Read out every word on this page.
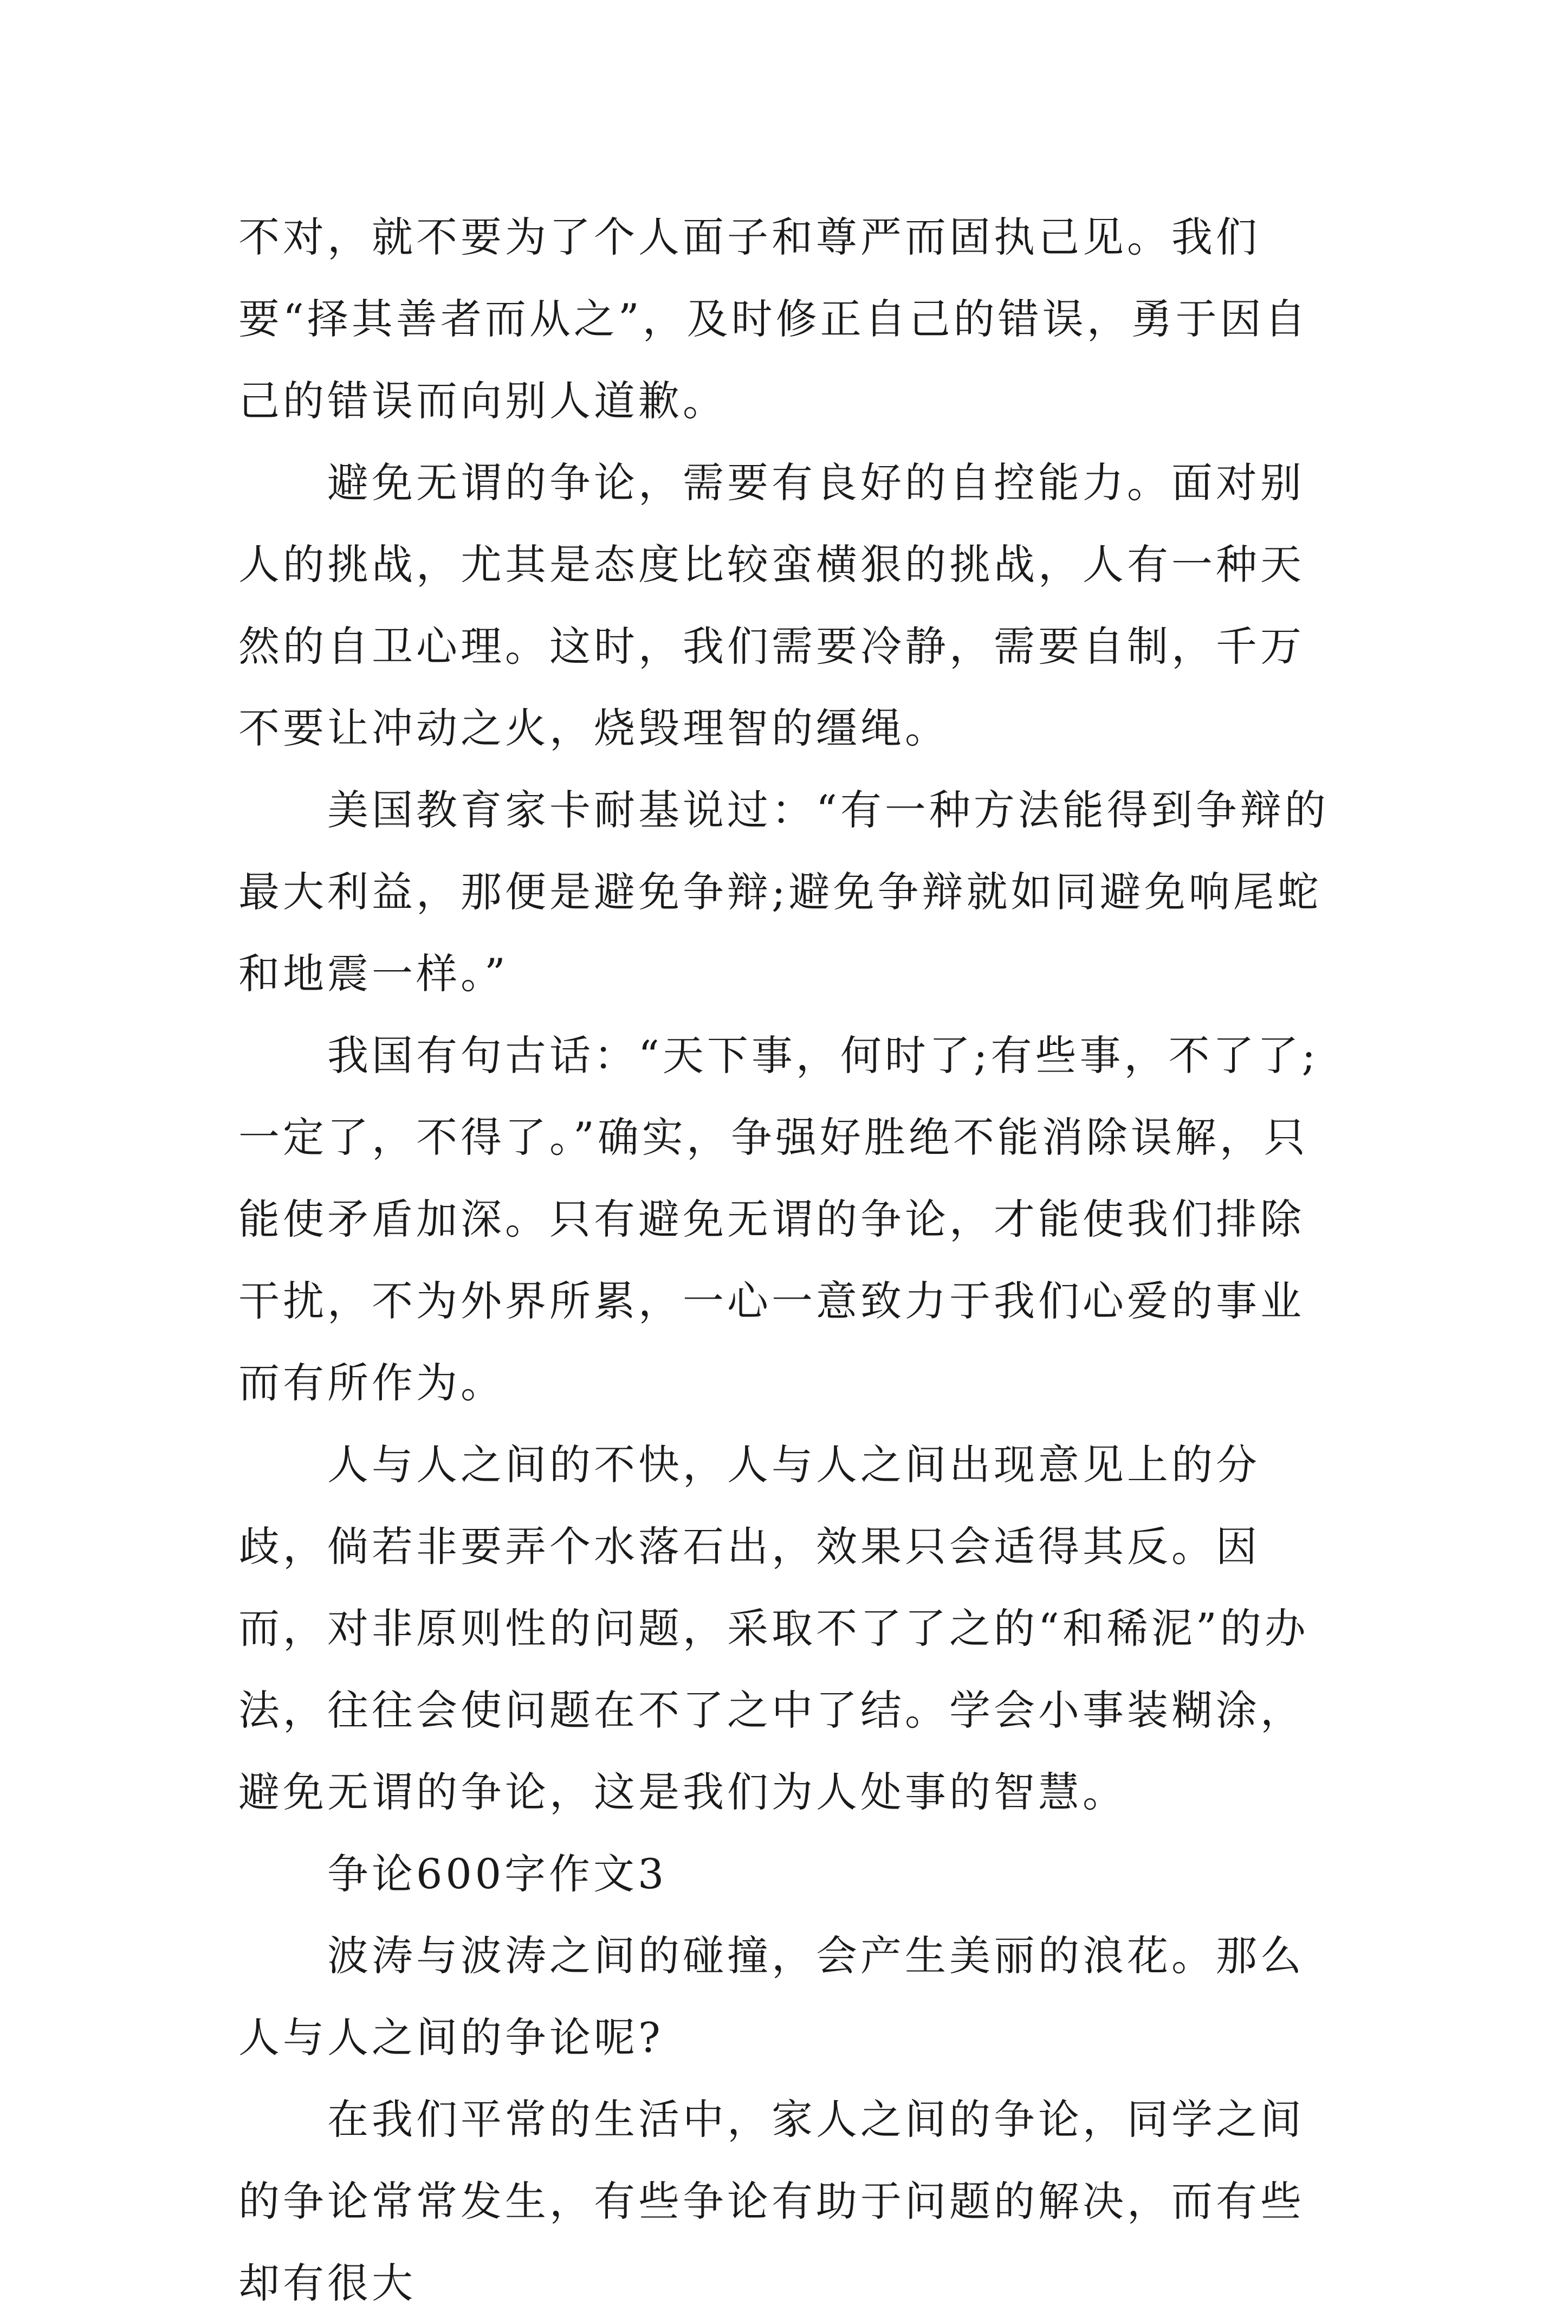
不对，就不要为了个人面子和尊严而固执己见。我们要“择其善者而从之”，及时修正自己的错误，勇于因自己的错误而向别人道歉。

避免无谓的争论，需要有良好的自控能力。面对别人的挑战，尤其是态度比较蛮横狠的挑战，人有一种天然的自卫心理。这时，我们需要冷静，需要自制，千万不要让冲动之火，烧毁理智的缰绳。

美国教育家卡耐基说过：“有一种方法能得到争辩的最大利益，那便是避免争辩;避免争辩就如同避免响尾蛇和地震一样。”

我国有句古话：“天下事，何时了;有些事，不了了;一定了，不得了。”确实，争强好胜绝不能消除误解，只能使矛盾加深。只有避免无谓的争论，才能使我们排除干扰，不为外界所累，一心一意致力于我们心爱的事业而有所作为。

人与人之间的不快，人与人之间出现意见上的分歧，倘若非要弄个水落石出，效果只会适得其反。因而，对非原则性的问题，采取不了了之的“和稀泥”的办法，往往会使问题在不了之中了结。学会小事装糊涂，避免无谓的争论，这是我们为人处事的智慧。

争论600字作文3

波涛与波涛之间的碰撞，会产生美丽的浪花。那么人与人之间的争论呢?

在我们平常的生活中，家人之间的争论，同学之间的争论常常发生，有些争论有助于问题的解决，而有些却有很大
